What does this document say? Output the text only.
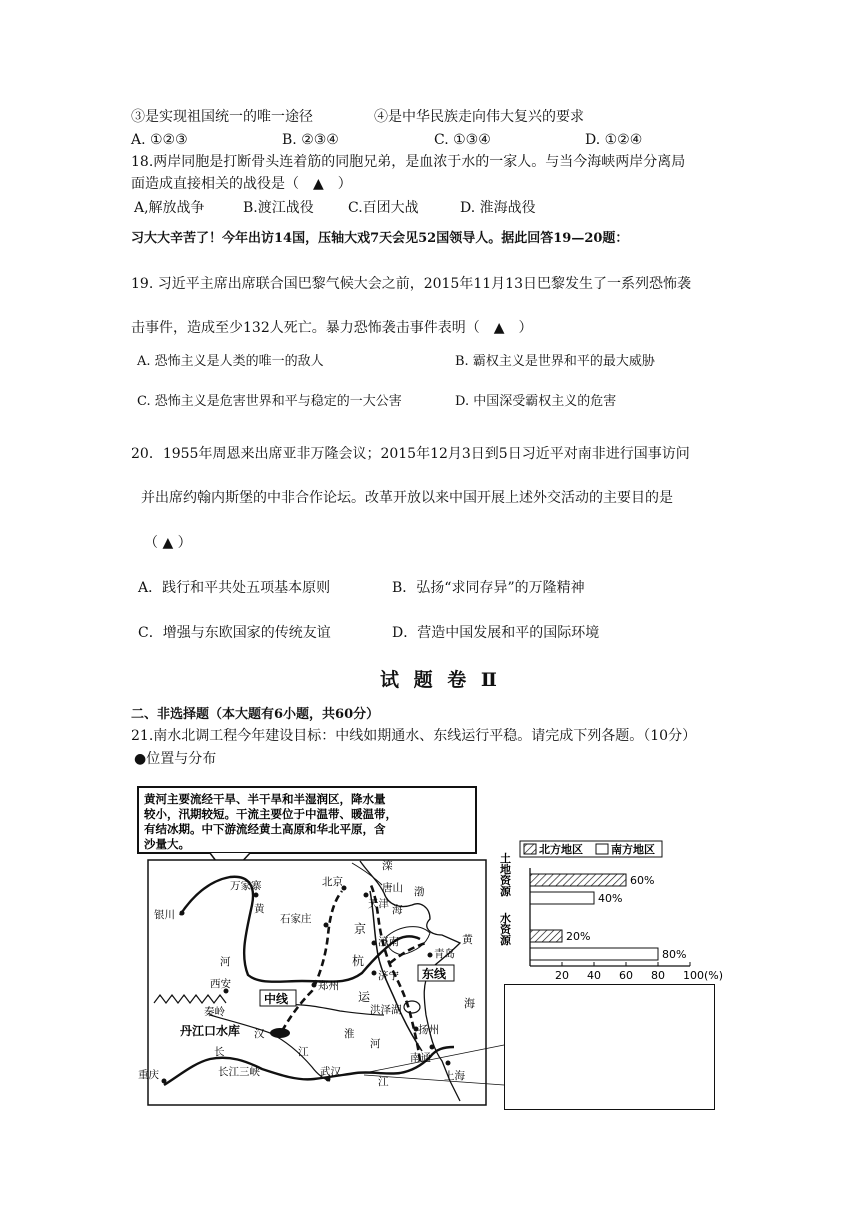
③是实现祖国统一的唯一途径	④是中华民族走向伟大复兴的要求
A. ①②③	B. ②③④	C. ①③④	D. ①②④
18.两岸同胞是打断骨头连着筋的同胞兄弟，是血浓于水的一家人。与当今海峡两岸分离局
面造成直接相关的战役是（　▲　）
A,解放战争	B.渡江战役 C.百团大战	D. 淮海战役
习大大辛苦了！今年出访14国，压轴大戏7天会见52国领导人。据此回答19—20题：
19. 习近平主席出席联合国巴黎气候大会之前，2015年11月13日巴黎发生了一系列恐怖袭
击事件，造成至少132人死亡。暴力恐怖袭击事件表明（　▲　）
A. 恐怖主义是人类的唯一的敌人	B. 霸权主义是世界和平的最大威胁
C. 恐怖主义是危害世界和平与稳定的一大公害	D. 中国深受霸权主义的危害
20．1955年周恩来出席亚非万隆会议；2015年12月3日到5日习近平对南非进行国事访问
并出席约翰内斯堡的中非合作论坛。改革开放以来中国开展上述外交活动的主要目的是
（ ▲ ）
A．践行和平共处五项基本原则	B．弘扬“求同存异”的万隆精神
C．增强与东欧国家的传统友谊	D．营造中国发展和平的国际环境
试 题 卷 Ⅱ
二、非选择题（本大题有6小题，共60分）
21.南水北调工程今年建设目标：中线如期通水、东线运行平稳。请完成下列各题。（10分）
●位置与分布
黄河主要流经干旱、半干旱和半湿润区，降水量
较小，汛期较短。干流主要位于中温带、暖温带，
有结冰期。中下游流经黄土高原和华北平原，含
沙量大。
中线
东线
万家寨
黄
河
银川
滦
北京
天津
唐山 渤
海
石家庄
京
济南
青岛
杭
济宁
运
黄
海
西安	郑州
秦岭
丹江口水库 汉
洪泽湖
扬州
淮
河
南通
上海
江
武汉
江
长
长江三峡
重庆
北方地区	南方地区
土地资源
水资源
60%
40%
20%
80%
20 40 60 80 100(%)
